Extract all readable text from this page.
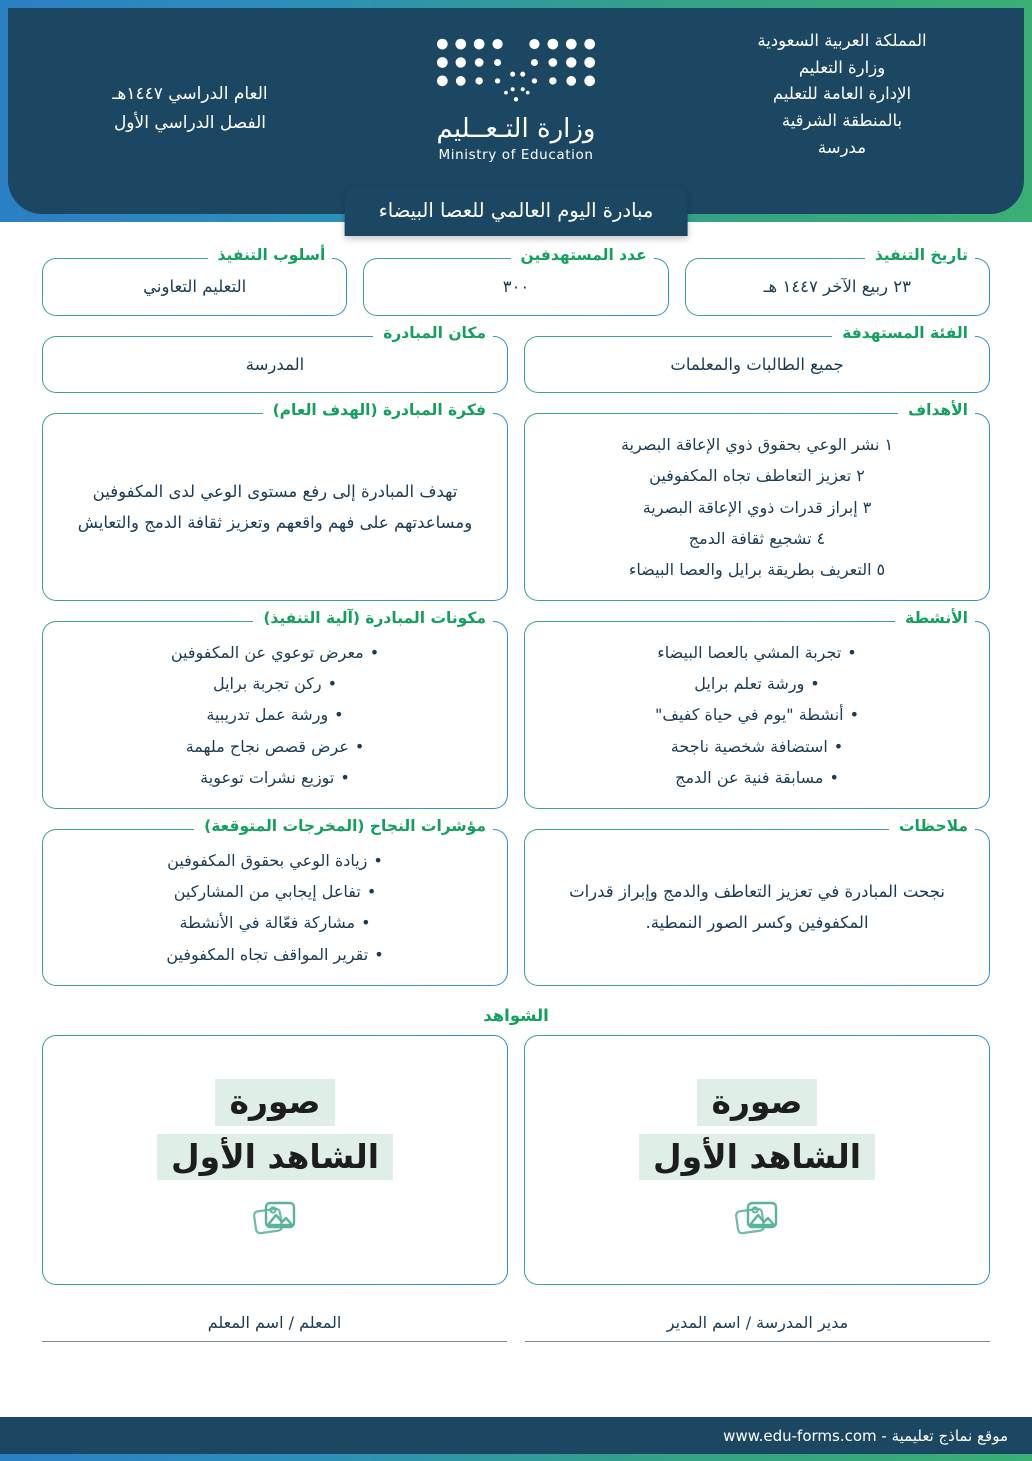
المملكة العربية السعودية
وزارة التعليم
الإدارة العامة للتعليم
بالمنطقة الشرقية
مدرسة
وزارة التـعــليم
Ministry of Education
العام الدراسي ١٤٤٧هـ
الفصل الدراسي الأول
مبادرة اليوم العالمي للعصا البيضاء
تاريخ التنفيذ
٢٣ ربيع الآخر ١٤٤٧ هـ
عدد المستهدفين
٣٠٠
أسلوب التنفيذ
التعليم التعاوني
الفئة المستهدفة
جميع الطالبات والمعلمات
مكان المبادرة
المدرسة
الأهداف
١نشر الوعي بحقوق ذوي الإعاقة البصرية
٢تعزيز التعاطف تجاه المكفوفين
٣إبراز قدرات ذوي الإعاقة البصرية
٤تشجيع ثقافة الدمج
٥التعريف بطريقة برايل والعصا البيضاء
فكرة المبادرة (الهدف العام)
تهدف المبادرة إلى رفع مستوى الوعي لدى المكفوفين ومساعدتهم على فهم واقعهم وتعزيز ثقافة الدمج والتعايش
الأنشطة
•تجربة المشي بالعصا البيضاء
•ورشة تعلم برايل
•أنشطة "يوم في حياة كفيف"
•استضافة شخصية ناجحة
•مسابقة فنية عن الدمج
مكونات المبادرة (آلية التنفيذ)
•معرض توعوي عن المكفوفين
•ركن تجربة برايل
•ورشة عمل تدريبية
•عرض قصص نجاح ملهمة
•توزيع نشرات توعوية
ملاحظات
نجحت المبادرة في تعزيز التعاطف والدمج وإبراز قدرات المكفوفين وكسر الصور النمطية.
مؤشرات النجاح (المخرجات المتوقعة)
•زيادة الوعي بحقوق المكفوفين
•تفاعل إيجابي من المشاركين
•مشاركة فعّالة في الأنشطة
•تقرير المواقف تجاه المكفوفين
الشواهد
صورة
الشاهد الأول
صورة
الشاهد الأول
مدير المدرسة / اسم المدير
المعلم / اسم المعلم
موقع نماذج تعليمية - www.edu-forms.com
